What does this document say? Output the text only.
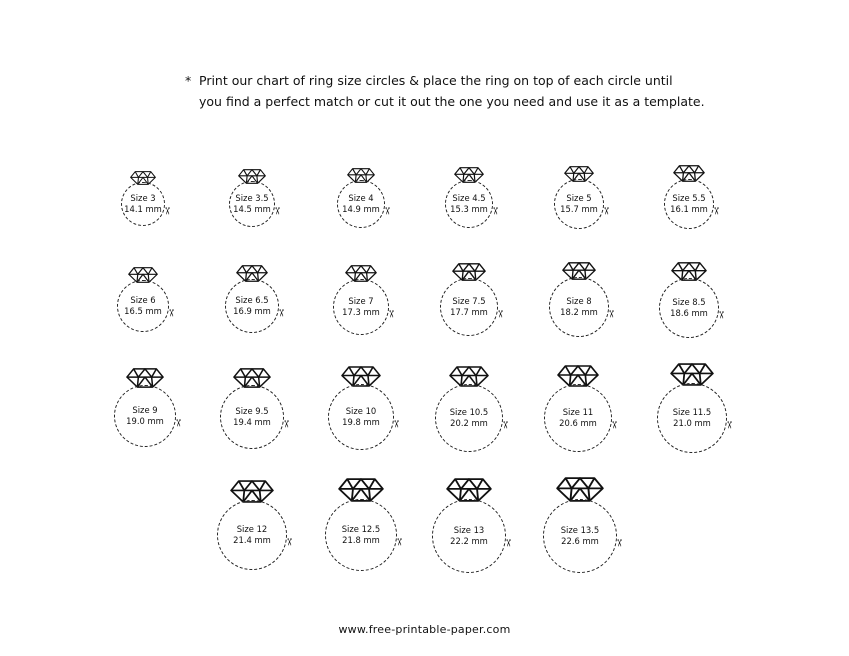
* Print our chart of ring size circles & place the ring on top of each circle until
you find a perfect match or cut it out the one you need and use it as a template.
Size 3
14.1 mm ✂
Size 3.5
14.5 mm ✂
Size 4
14.9 mm ✂
Size 4.5
15.3 mm ✂
Size 5
15.7 mm ✂
Size 5.5
16.1 mm ✂
Size 6
16.5 mm ✂
Size 6.5
16.9 mm ✂
Size 7
17.3 mm ✂
Size 7.5
17.7 mm ✂
Size 8
18.2 mm ✂
Size 8.5
18.6 mm ✂
Size 9
19.0 mm ✂
Size 9.5
19.4 mm ✂
Size 10
19.8 mm	✂
Size 10.5
20.2 mm	✂
Size 11
20.6 mm	✂
Size 11.5
21.0 mm	✂
Size 12
21.4 mm	✂
Size 12.5
21.8 mm	✂
Size 13
22.2 mm	✂
Size 13.5
22.6 mm	✂
www.free-printable-paper.com
